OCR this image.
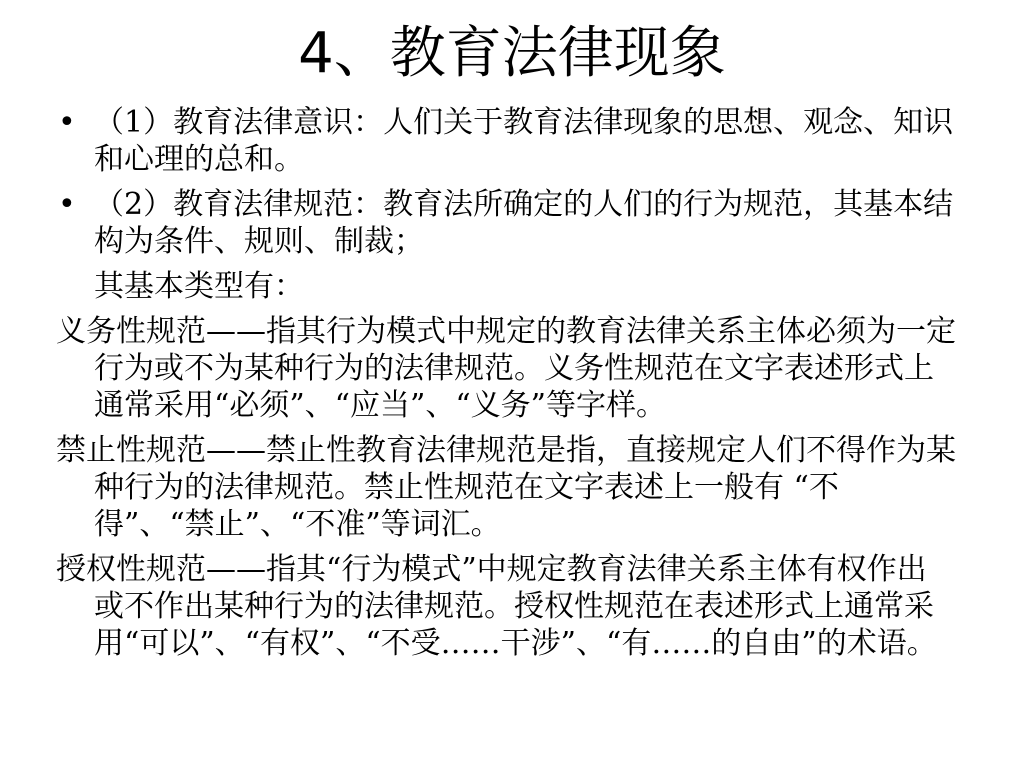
4、教育法律现象
• （1）教育法律意识：人们关于教育法律现象的思想、观念、知识和心理的总和。
• （2）教育法律规范：教育法所确定的人们的行为规范，其基本结构为条件、规则、制裁；
其基本类型有：
义务性规范——指其行为模式中规定的教育法律关系主体必须为一定行为或不为某种行为的法律规范。义务性规范在文字表述形式上通常采用“必须”、“应当”、“义务”等字样。
禁止性规范——禁止性教育法律规范是指，直接规定人们不得作为某种行为的法律规范。禁止性规范在文字表述上一般有 “不得”、“禁止”、“不准”等词汇。
授权性规范——指其“行为模式”中规定教育法律关系主体有权作出或不作出某种行为的法律规范。授权性规范在表述形式上通常采用“可以”、“有权”、“不受……干涉”、“有……的自由”的术语。
